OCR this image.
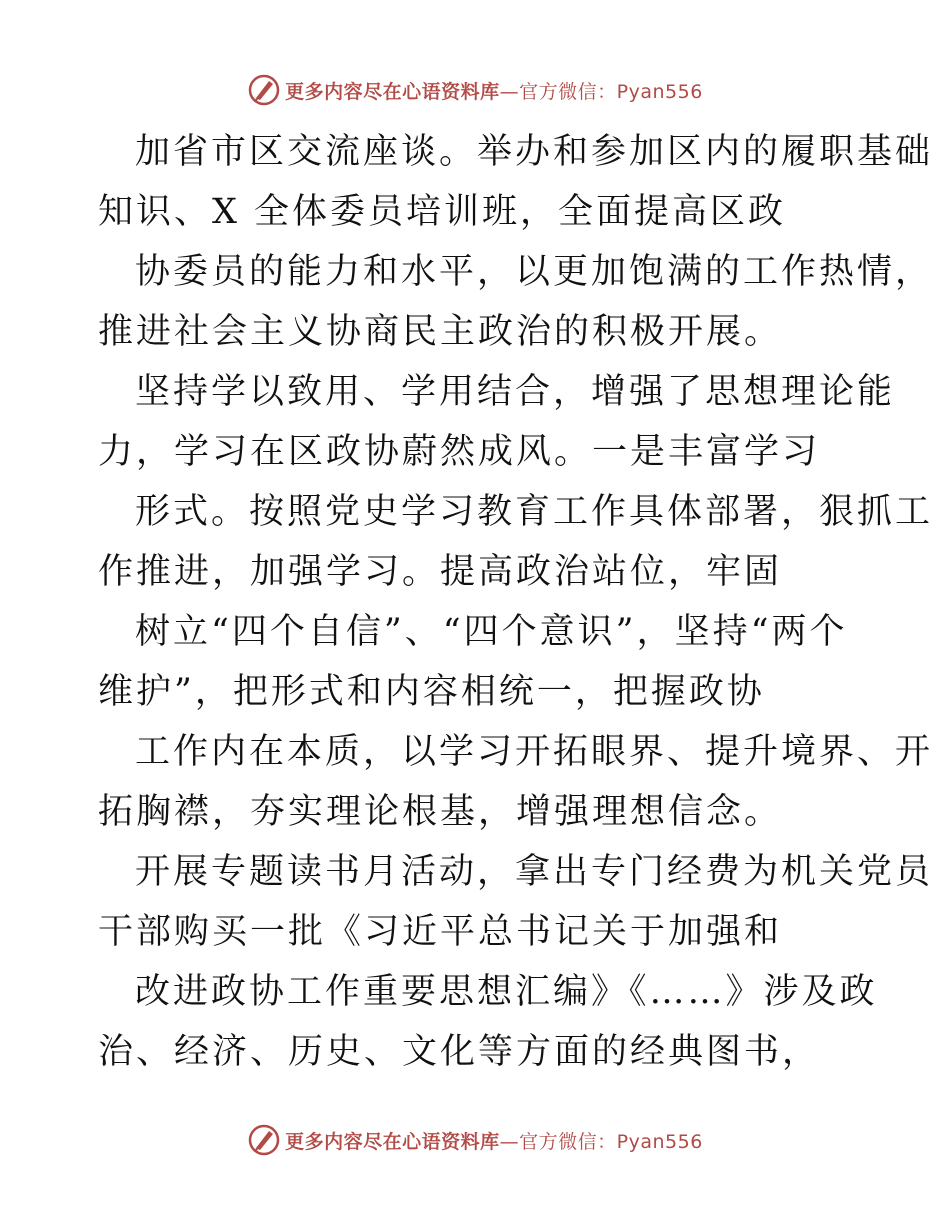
更多内容尽在心语资料库—官方微信：Pyan556
加省市区交流座谈。举办和参加区内的履职基础
知识、X 全体委员培训班，全面提高区政
协委员的能力和水平，以更加饱满的工作热情，
推进社会主义协商民主政治的积极开展。
坚持学以致用、学用结合，增强了思想理论能
力，学习在区政协蔚然成风。一是丰富学习
形式。按照党史学习教育工作具体部署，狠抓工
作推进，加强学习。提高政治站位，牢固
树立“四个自信”、“四个意识”，坚持“两个
维护”，把形式和内容相统一，把握政协
工作内在本质，以学习开拓眼界、提升境界、开
拓胸襟，夯实理论根基，增强理想信念。
开展专题读书月活动，拿出专门经费为机关党员
干部购买一批《习近平总书记关于加强和
改进政协工作重要思想汇编》《……》涉及政
治、经济、历史、文化等方面的经典图书，
更多内容尽在心语资料库—官方微信：Pyan556
